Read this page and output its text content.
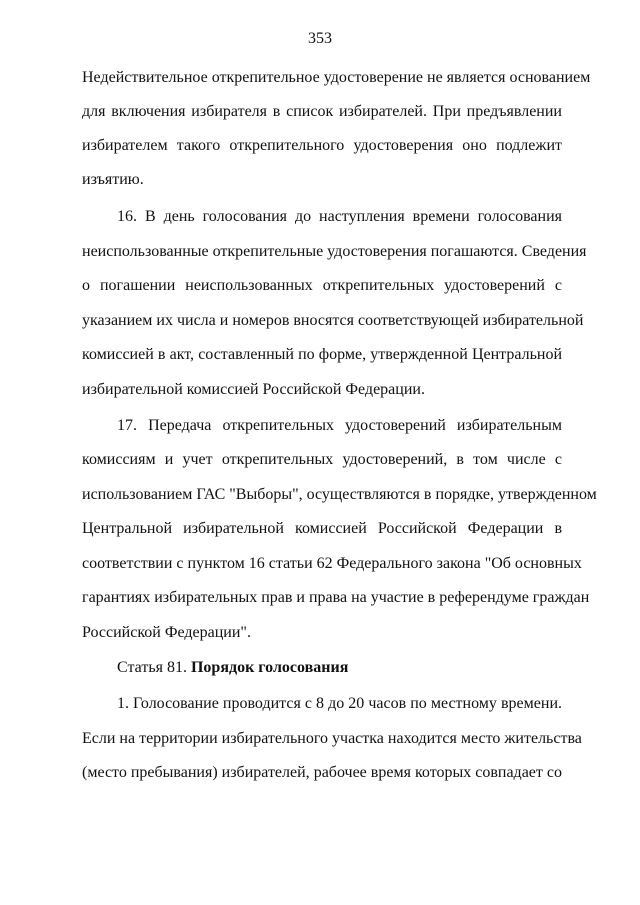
353
Недействительное открепительное удостоверение не является основанием
для включения избирателя в список избирателей. При предъявлении
избирателем такого открепительного удостоверения оно подлежит
изъятию.
16. В день голосования до наступления времени голосования
неиспользованные открепительные удостоверения погашаются. Сведения
о погашении неиспользованных открепительных удостоверений с
указанием их числа и номеров вносятся соответствующей избирательной
комиссией в акт, составленный по форме, утвержденной Центральной
избирательной комиссией Российской Федерации.
17. Передача открепительных удостоверений избирательным
комиссиям и учет открепительных удостоверений, в том числе с
использованием ГАС "Выборы", осуществляются в порядке, утвержденном
Центральной избирательной комиссией Российской Федерации в
соответствии с пунктом 16 статьи 62 Федерального закона "Об основных
гарантиях избирательных прав и права на участие в референдуме граждан
Российской Федерации".
Статья 81. Порядок голосования
1. Голосование проводится с 8 до 20 часов по местному времени.
Если на территории избирательного участка находится место жительства
(место пребывания) избирателей, рабочее время которых совпадает со
